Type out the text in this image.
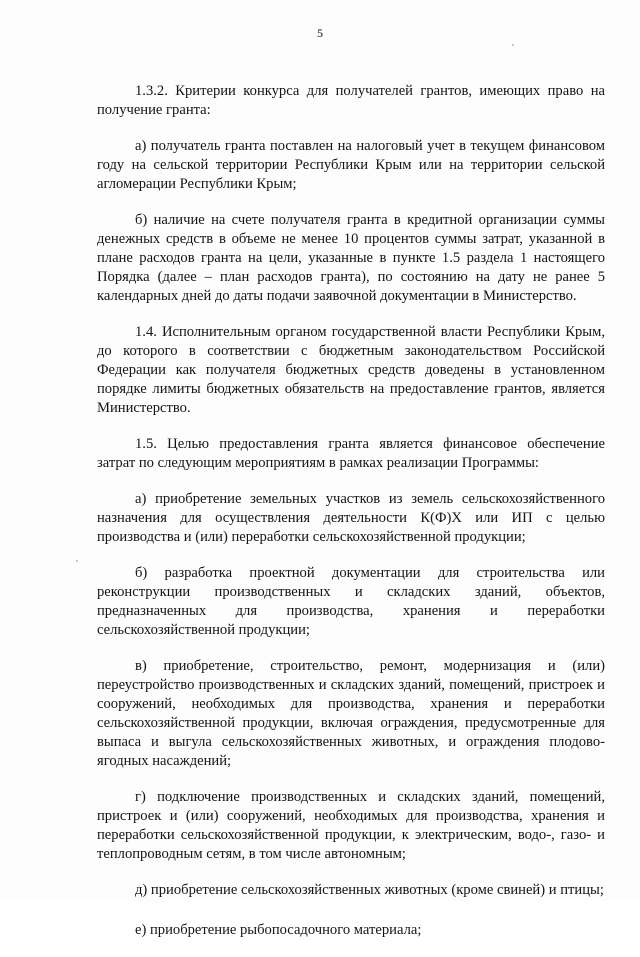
5

1.3.2. Критерии конкурса для получателей грантов, имеющих право на получение гранта:

а) получатель гранта поставлен на налоговый учет в текущем финансовом году на сельской территории Республики Крым или на территории сельской агломерации Республики Крым;

б) наличие на счете получателя гранта в кредитной организации суммы денежных средств в объеме не менее 10 процентов суммы затрат, указанной в плане расходов гранта на цели, указанные в пункте 1.5 раздела 1 настоящего Порядка (далее – план расходов гранта), по состоянию на дату не ранее 5 календарных дней до даты подачи заявочной документации в Министерство.

1.4. Исполнительным органом государственной власти Республики Крым, до которого в соответствии с бюджетным законодательством Российской Федерации как получателя бюджетных средств доведены в установленном порядке лимиты бюджетных обязательств на предоставление грантов, является Министерство.

1.5. Целью предоставления гранта является финансовое обеспечение затрат по следующим мероприятиям в рамках реализации Программы:

а) приобретение земельных участков из земель сельскохозяйственного назначения для осуществления деятельности К(Ф)Х или ИП с целью производства и (или) переработки сельскохозяйственной продукции;

б) разработка проектной документации для строительства или реконструкции производственных и складских зданий, объектов, предназначенных для производства, хранения и переработки сельскохозяйственной продукции;

в) приобретение, строительство, ремонт, модернизация и (или) переустройство производственных и складских зданий, помещений, пристроек и сооружений, необходимых для производства, хранения и переработки сельскохозяйственной продукции, включая ограждения, предусмотренные для выпаса и выгула сельскохозяйственных животных, и ограждения плодово-ягодных насаждений;

г) подключение производственных и складских зданий, помещений, пристроек и (или) сооружений, необходимых для производства, хранения и переработки сельскохозяйственной продукции, к электрическим, водо-, газо- и теплопроводным сетям, в том числе автономным;

д) приобретение сельскохозяйственных животных (кроме свиней) и птицы;

е) приобретение рыбопосадочного материала;
